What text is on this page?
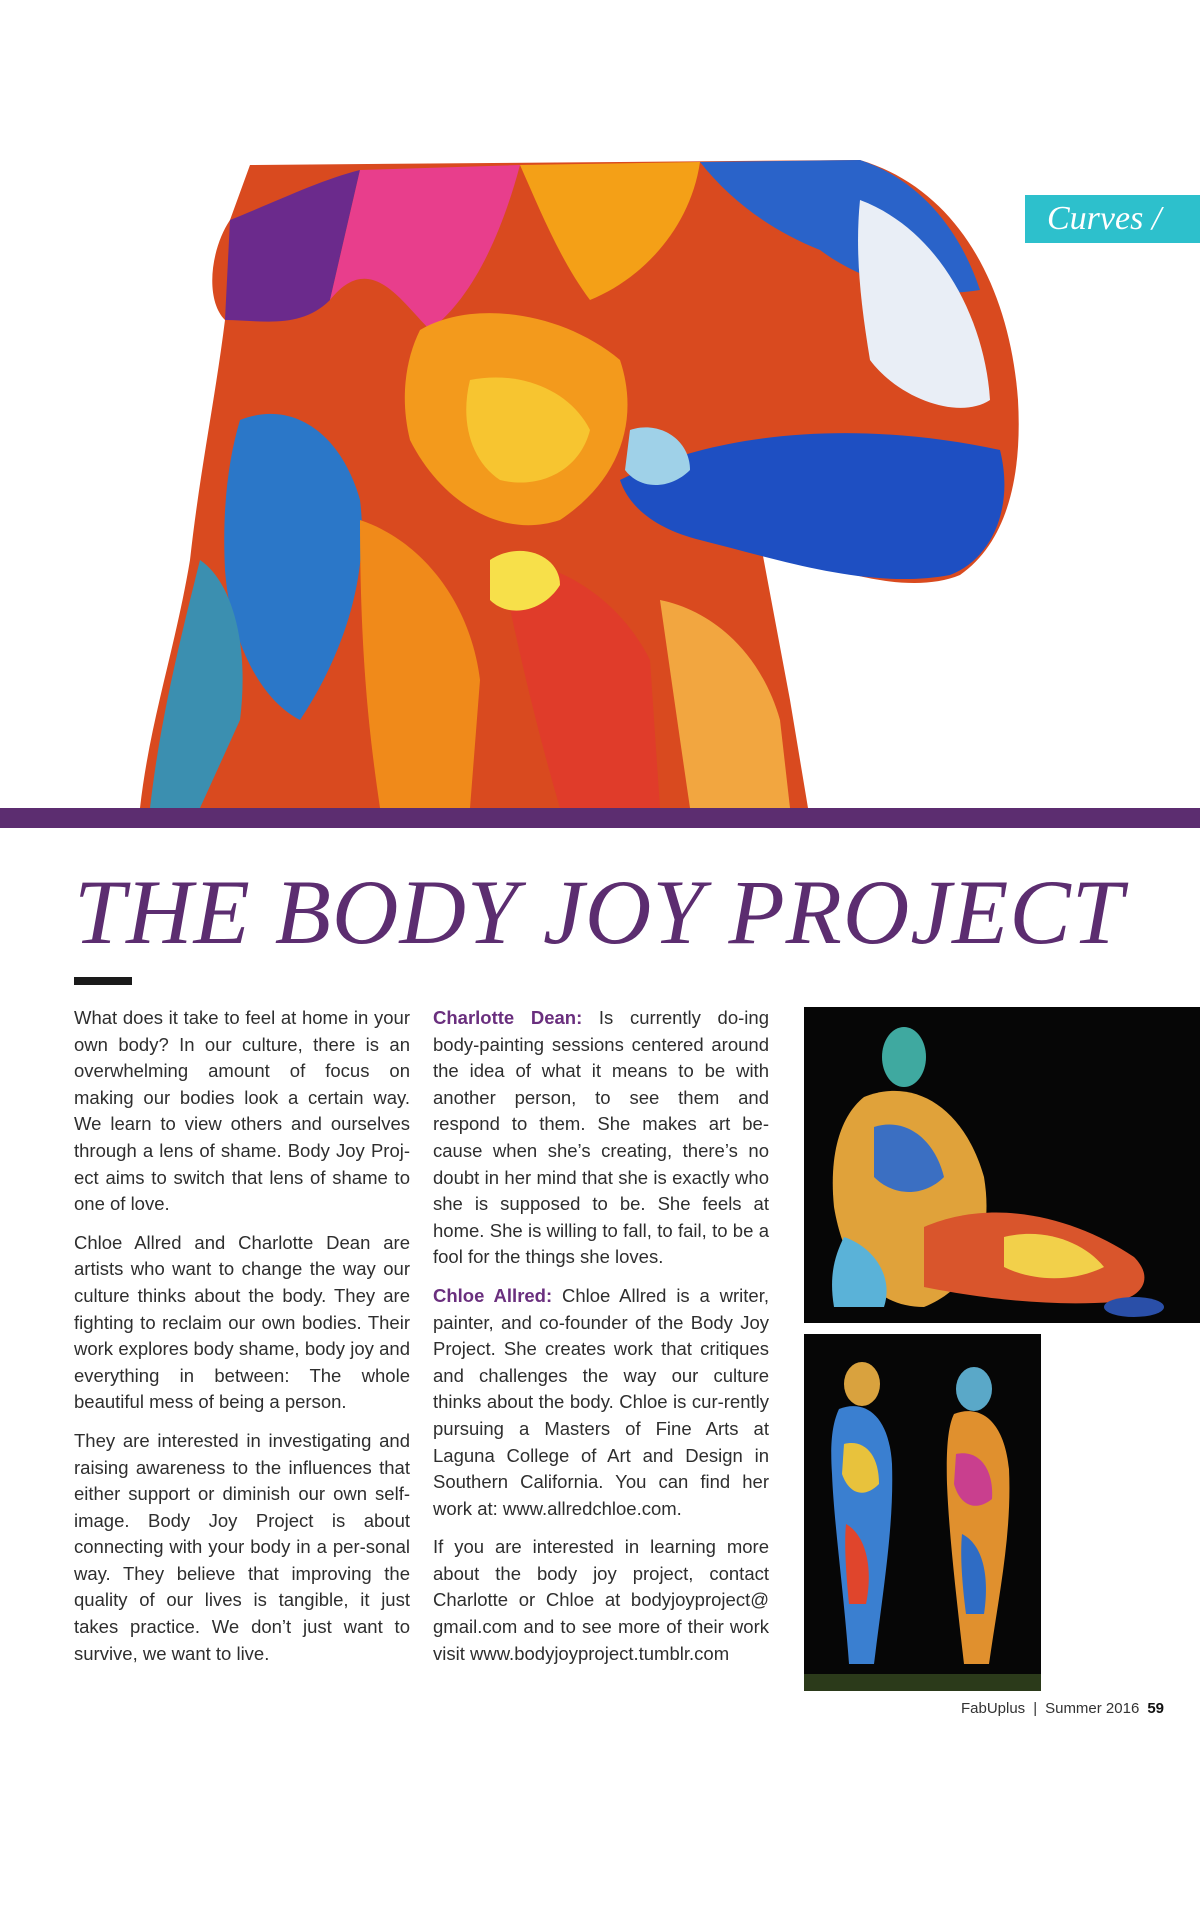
Curves /
THE BODY JOY PROJECT

What does it take to feel at home in your own body? In our culture, there is an overwhelming amount of focus on making our bodies look a certain way. We learn to view others and ourselves through a lens of shame. Body Joy Proj-ect aims to switch that lens of shame to one of love.

Chloe Allred and Charlotte Dean are artists who want to change the way our culture thinks about the body. They are fighting to reclaim our own bodies. Their work explores body shame, body joy and everything in between: The whole beautiful mess of being a person.

They are interested in investigating and raising awareness to the influences that either support or diminish our own self-image. Body Joy Project is about connecting with your body in a per-sonal way. They believe that improving the quality of our lives is tangible, it just takes practice. We don’t just want to survive, we want to live.

Charlotte Dean: Is currently do-ing body-painting sessions centered around the idea of what it means to be with another person, to see them and respond to them. She makes art be-cause when she’s creating, there’s no doubt in her mind that she is exactly who she is supposed to be. She feels at home. She is willing to fall, to fail, to be a fool for the things she loves.

Chloe Allred: Chloe Allred is a writer, painter, and co-founder of the Body Joy Project. She creates work that critiques and challenges the way our culture thinks about the body. Chloe is cur-rently pursuing a Masters of Fine Arts at Laguna College of Art and Design in Southern California. You can find her work at: www.allredchloe.com.

If you are interested in learning more about the body joy project, contact Charlotte or Chloe at bodyjoyproject@ gmail.com and to see more of their work visit www.bodyjoyproject.tumblr.com

FabUplus | Summer 2016 59
